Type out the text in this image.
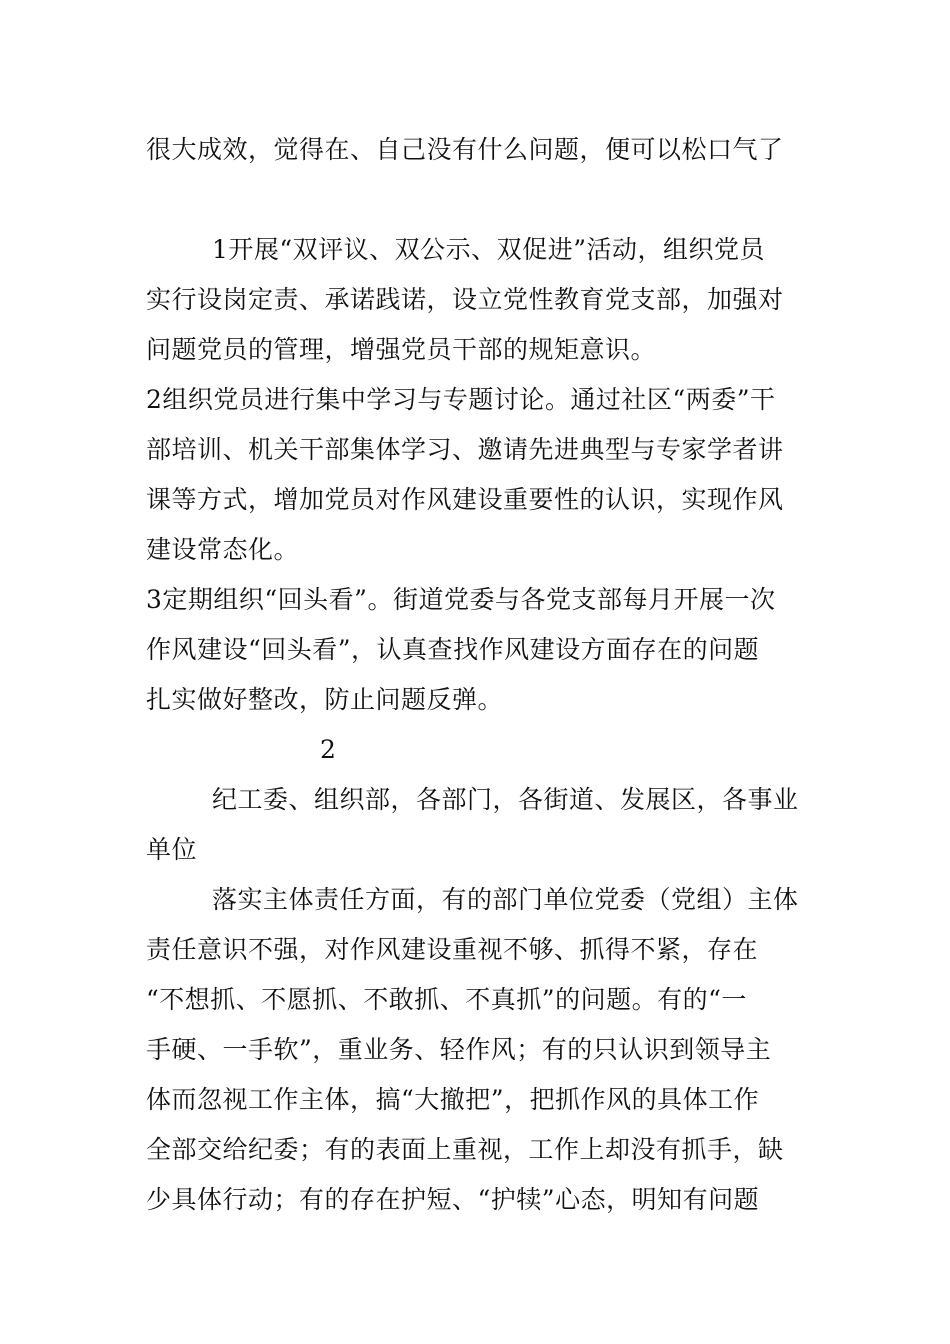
很大成效，觉得在、自己没有什么问题，便可以松口气了
1开展“双评议、双公示、双促进”活动，组织党员
实行设岗定责、承诺践诺，设立党性教育党支部，加强对
问题党员的管理，增强党员干部的规矩意识。
2组织党员进行集中学习与专题讨论。通过社区“两委”干
部培训、机关干部集体学习、邀请先进典型与专家学者讲
课等方式，增加党员对作风建设重要性的认识，实现作风
建设常态化。
3定期组织“回头看”。街道党委与各党支部每月开展一次
作风建设“回头看”，认真查找作风建设方面存在的问题
扎实做好整改，防止问题反弹。
2
纪工委、组织部，各部门，各街道、发展区，各事业
单位
落实主体责任方面，有的部门单位党委（党组）主体
责任意识不强，对作风建设重视不够、抓得不紧，存在
“不想抓、不愿抓、不敢抓、不真抓”的问题。有的“一
手硬、一手软”，重业务、轻作风；有的只认识到领导主
体而忽视工作主体，搞“大撤把”，把抓作风的具体工作
全部交给纪委；有的表面上重视，工作上却没有抓手，缺
少具体行动；有的存在护短、“护犊”心态，明知有问题
